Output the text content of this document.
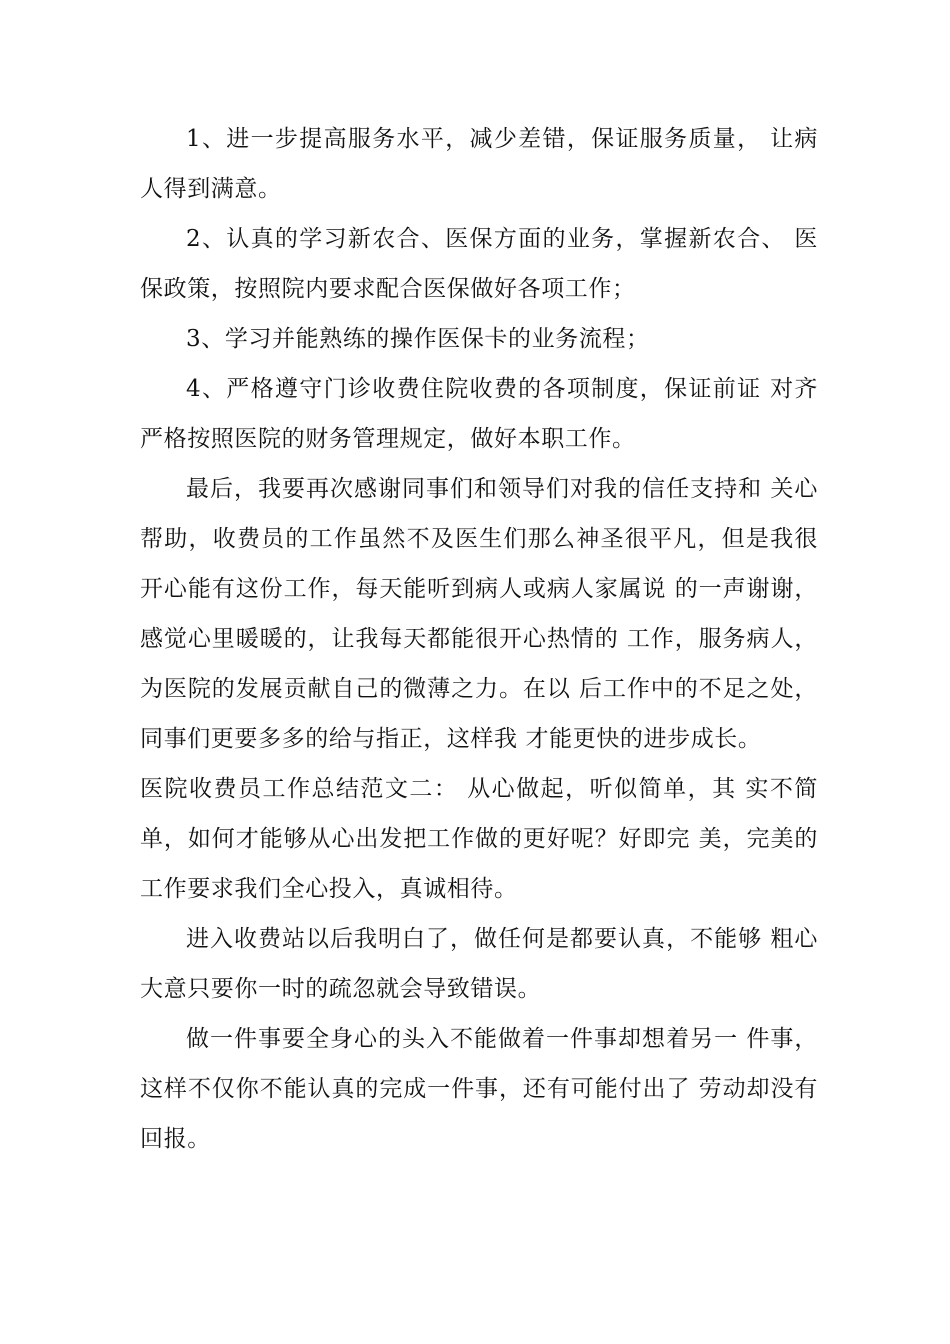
1、进一步提高服务水平，减少差错，保证服务质量， 让病人得到满意。

2、认真的学习新农合、医保方面的业务，掌握新农合、 医保政策，按照院内要求配合医保做好各项工作；

3、学习并能熟练的操作医保卡的业务流程；

4、严格遵守门诊收费住院收费的各项制度，保证前证 对齐严格按照医院的财务管理规定，做好本职工作。

最后，我要再次感谢同事们和领导们对我的信任支持和 关心帮助，收费员的工作虽然不及医生们那么神圣很平凡，但是我很开心能有这份工作，每天能听到病人或病人家属说 的一声谢谢，感觉心里暖暖的，让我每天都能很开心热情的 工作，服务病人，为医院的发展贡献自己的微薄之力。在以 后工作中的不足之处，同事们更要多多的给与指正，这样我 才能更快的进步成长。

医院收费员工作总结范文二： 从心做起，听似简单，其 实不简单，如何才能够从心出发把工作做的更好呢？好即完 美，完美的工作要求我们全心投入，真诚相待。

进入收费站以后我明白了，做任何是都要认真，不能够 粗心大意只要你一时的疏忽就会导致错误。

做一件事要全身心的头入不能做着一件事却想着另一 件事，这样不仅你不能认真的完成一件事，还有可能付出了 劳动却没有回报。
